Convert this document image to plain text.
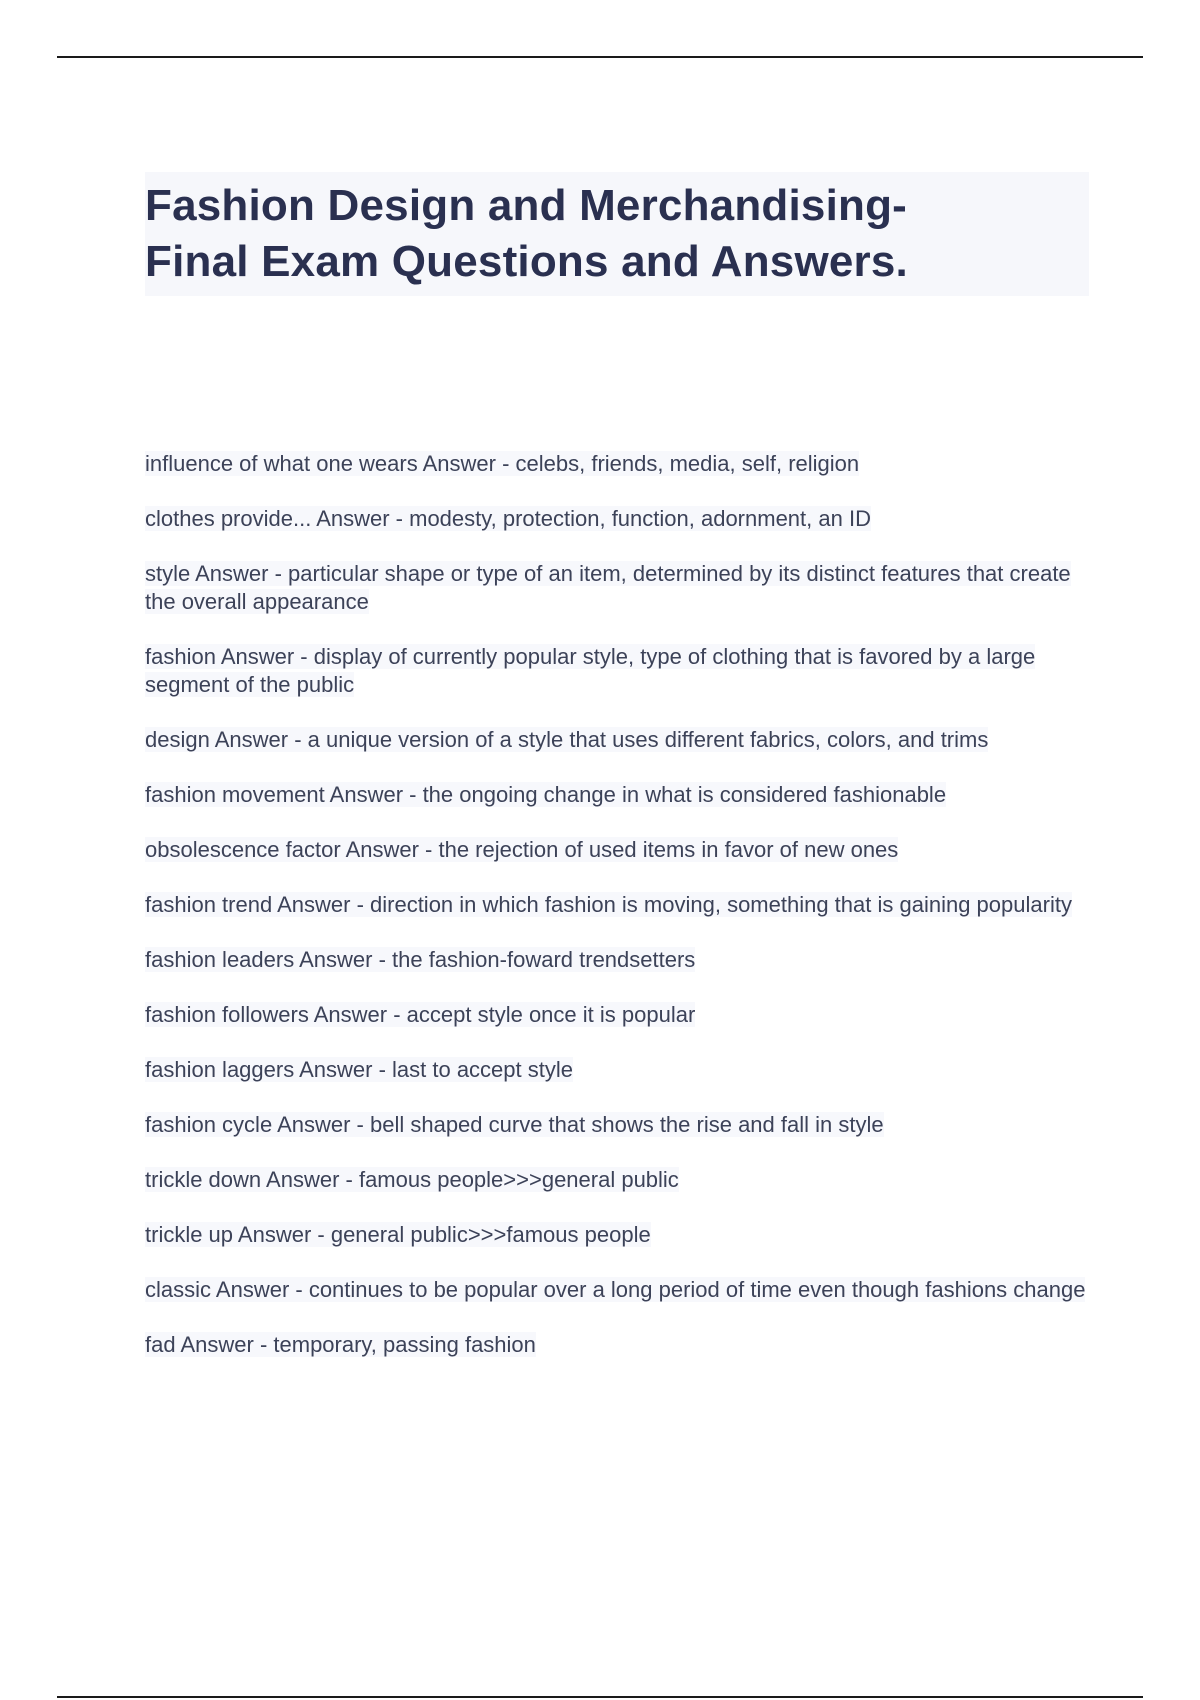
Fashion Design and Merchandising-
Final Exam Questions and Answers.
influence of what one wears Answer - celebs, friends, media, self, religion
clothes provide... Answer - modesty, protection, function, adornment, an ID
style Answer - particular shape or type of an item, determined by its distinct features that create the overall appearance
fashion Answer - display of currently popular style, type of clothing that is favored by a large segment of the public
design Answer - a unique version of a style that uses different fabrics, colors, and trims
fashion movement Answer - the ongoing change in what is considered fashionable
obsolescence factor Answer - the rejection of used items in favor of new ones
fashion trend Answer - direction in which fashion is moving, something that is gaining popularity
fashion leaders Answer - the fashion-foward trendsetters
fashion followers Answer - accept style once it is popular
fashion laggers Answer - last to accept style
fashion cycle Answer - bell shaped curve that shows the rise and fall in style
trickle down Answer - famous people>>>general public
trickle up Answer - general public>>>famous people
classic Answer - continues to be popular over a long period of time even though fashions change
fad Answer - temporary, passing fashion
